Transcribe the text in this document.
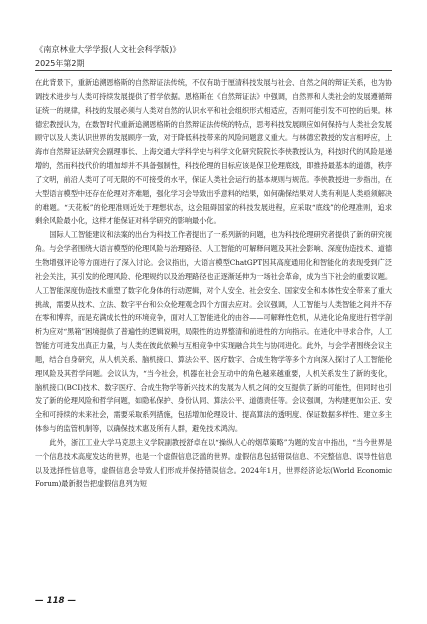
《南京林业大学学报(人文社会科学版)》
2025年第2期

在此背景下，重新追溯恩格斯的自然辩证法传统，不仅有助于厘清科技发展与社会、自然之间的辩证关系，也为协调技术进步与人类可持续发展提供了哲学依据。恩格斯在《自然辩证法》中强调，自然界和人类社会的发展遵循辩证统一的规律，科技的发展必须与人类对自然的认识水平和社会组织形式相适应，否则可能引发不可控的后果。林德宏教授认为，在数智时代重新追溯恩格斯的自然辩证法传统的特点，思考科技发展顾应如何保持与人类社会发展顾守以及人类认识世界的发展顾序一致，对于降低科技带来的风险问题意义重大。与林德宏教授的发言相呼应，上海市自然辩证法研究会副理事长、上海交通大学科学史与科学文化研究院院长李侠教授认为，科技时代的风险是递增的，然而科技代价的增加却并不具备强制性，科技伦理的目标应该是保卫伦理底线，即推持最基本的道德，秩序了文明，前沿人类可了可无限的不可接受的水平，保证人类社会运行的基本规则与规范。李侠教授进一步指出，在大型语言模型中还存在伦理对齐难题，强化学习会导致出乎意料的结果，如何确保结果对人类有利是人类亟须解决的难题。“天花板”的伦理准则近处于理想状态，这会阻碍国家的科技发展进程，应采取“底线”的伦理准则，追求剩余风险最小化，这样才能保证对科学研究的影响最小化。

国际人工智能建议和法案的出台为科技工作者提出了一系列新的问题，也为科技伦理研究者提供了新的研究视角。与会学者围绕大语言模型的伦理风险与治理路径、人工智能的可解释问题及其社会影响、深度伪造技术、道德生物增强评论等方面进行了深入讨论。会议指出，大语言模型ChatGPT因其高度通用化和智能化的表现受到广泛社会关注，其引发的伦理风险、伦理规约以及治理路径也正逐渐延伸为一场社会革命，成为当下社会的重要议题。人工智能深度伪造技术重塑了数字化身体的行动逻辑，对个人安全、社会安全、国家安全和本体性安全带来了重大挑战，需要从技术、立法、数字平台和公众伦理观念四个方面去应对。会议强调，人工智能与人类智能之间并不存在零和博弈，而是充满成长性的环境竞争，面对人工智能进化的由谷——可解释性危机，从进化论角度进行哲学剖析为应对“黑箱”困境提供了普遍性的逻辑说明，局限性的边界整清和前进性的方向指示。在进化中寻求合作，人工智能方可进发出真正力量，与人类在彼此依赖与互相竞争中实现融合共生与协同进化。此外，与会学者围绕会议主题，结合自身研究，从人机关系、脑机接口、算法公平、医疗数字、合成生物学等多个方向深入探讨了人工智能伦理风险及其哲学问题。会议认为，“当今社会，机器在社会互动中的角色越来越重要，人机关系发生了新的变化，脑机接口(BCI)技术、数字医疗、合成生物学等新兴技术的发展为人机之间的交互提供了新的可能性，但同时也引发了新的伦理风险和哲学问题，如隐私保护、身份认同、算法公平、道德责任等。会议强调，为构建更加公正、安全和可持续的未来社会，需要采取系列措施，包括增加伦理设计、提高算法的透明度、保证数据多样性、建立多主体参与的监管机制等，以确保技术惠及所有人群，避免技术鸿沟。

此外，浙江工业大学马克思主义学院副教授舒卓在以“操纵人心的烟草策略”为题的发言中指出，“当今世界是一个信息技术高度发达的世界，也是一个虚假信息泛滥的世界。虚假信息包括错误信息、不完整信息、误导性信息以及选择性信息等，虚假信息会导致人们形成并保持错误信念。2024年1月，世界经济论坛(World Economic Forum)最新报告把虚假信息列为短

— 118 —
